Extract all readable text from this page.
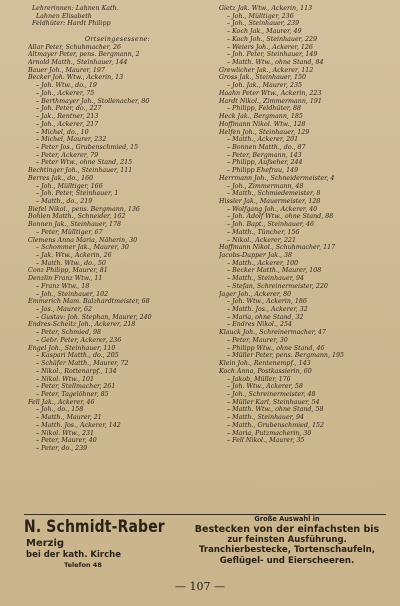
Lehrerinnen: Lahnen Kath.
Lahnen Elisabeth
Feldhüter: Hardt Philipp
Ortseingesessene:
Allar Peter, Schuhmacher, 26
Altmayer Peter, pens. Bergmann, 2
Arnold Matth., Steinhauer, 144
Bauer Joh., Maurer, 197
Becker Joh. Wtw., Ackerin, 13
– Joh. Wtw., do., 19
– Joh., Ackerer, 75
– Berthmayer Joh., Stollenacher, 80
– Joh. Peter, do., 227
– Jak., Rentner, 213
– Joh., Ackerer, 217
– Michel, do., 10
– Michel, Maurer, 232
– Peter Jos., Grubenschmied, 15
– Peter, Ackerer, 79
– Peter Wtw., ohne Stand, 215
Bechtinger Joh., Steinhauer, 111
Berres Jak., do., 160
– Joh., Mülltiger, 166
– Joh. Peter, Steinhauer, 1
– Matth., do., 219
Biefel Nikol., pens. Bergmann, 136
Bohlen Matth., Schneider, 162
Bonnen Jak., Steinhauer, 178
– Peter, Mülltiger, 67
Clemens Anna Maria, Näherin, 30
– Schommer Jak., Maurer, 30
– Jak. Wtw., Ackerin, 26
– Matth. Wtw., do., 50
Conz Philipp, Maurer, 81
Denzlin Franz Wtw., 11
– Franz Wtw., 18
– Joh., Steinhauer, 102
Emmerich Mam. Balzhardtmeister, 68
– Jos., Maurer, 62
– Gustav: Joh. Stephan, Maurer, 240
Endres-Scheitz Joh., Ackerer, 218
– Peter, Schmied, 98
– Gebr. Peter, Ackerer, 236
Engel Joh., Steinhauer, 110
– Kaspari Matth., do., 205
– Schäfer Matth., Maurer, 72
– Nikol., Rottenarpf., 134
– Nikol. Wtw., 101
– Peter, Stellmacher, 261
– Peter, Tagelöhner, 85
Fell Jak., Ackerer, 46
– Joh., do., 158
– Matth., Maurer, 21
– Matth. Jos., Ackerer, 142
– Nikol. Wtw., 231
– Peter, Maurer, 40
– Peter, do., 239
Gietz Jak. Wtw., Ackerin, 113
– Joh., Mülltiger, 236
– Joh., Steinhauer, 239
– Koch Jak., Maurer, 49
– Koch Joh., Steinhauer, 229
– Weiers Joh., Ackerer, 126
– Joh. Peter, Steinhauer, 149
– Matth. Wtw., ohne Stand, 84
Grewlicher Jak., Ackerer, 112
Gross Jak., Steinhauer, 150
– Joh. Jak., Maurer, 235
Haahn Peter Wtw., Ackerin, 223
Hardt Nikol., Zimmermann, 191
– Philipp, Feldhüter, 88
Heck Jak., Bergmann, 185
Hoffmann Nikol. Wtw., 128
Helfen Joh., Steinhauer, 129
– Matth., Ackerer, 201
– Bonnen Matth., do., 87
– Peter, Bergmann, 143
– Philipp, Aufseher, 244
– Philipp Ehefrau, 149
Herrmann Joh., Schneidermeister, 4
– Joh., Zimmermann, 48
– Matth., Schmiedemeister, 8
Hissler Jak., Mauermeister, 128
– Wolfgang Joh., Ackerer, 40
– Joh. Adolf Wtw., ohne Stand, 88
– Joh. Bapt., Steinhauer, 46
– Matth., Tüncher, 156
– Nikol., Ackerer, 221
Hoffmann Nikol., Schuhmacher, 117
Jacobs-Dupper Jak., 38
– Matth., Ackerer, 100
– Becker Matth., Maurer, 108
– Matth., Steinhauer, 94
– Stefan, Schreinermeister, 220
Jager Joh., Ackerer, 80
– Joh. Wtw., Ackerin, 186
– Matth. Jos., Ackerer, 32
– Maria, ohne Stand, 32
– Endres Nikol., 254
Klauck Joh., Schreinermacher, 47
– Peter, Maurer, 30
– Philipp Wtw., ohne Stand, 46
– Müller Peter, pens. Bergmann, 195
Klein Joh., Rentenempf., 143
Koch Anna, Postkassierin, 60
– Jakob, Müller, 176
– Joh. Wtw., Ackerer, 58
– Joh., Schreinermeister, 48
– Müller Karl, Steinhauer, 54
– Matth. Wtw., ohne Stand, 58
– Matth., Steinhauer, 94
– Matth., Grubenschmied, 152
– Maria, Putzmacherin, 30
– Fell Nikol., Maurer, 35
N. Schmidt-Raber
Merzig
bei der kath. Kirche
Telefon 48
Große Auswahl in
Bestecken von der einfachsten bis
zur feinsten Ausführung.
Tranchierbestecke, Tortenschaufeln,
Geflügel- und Eierscheeren.
— 107 —
